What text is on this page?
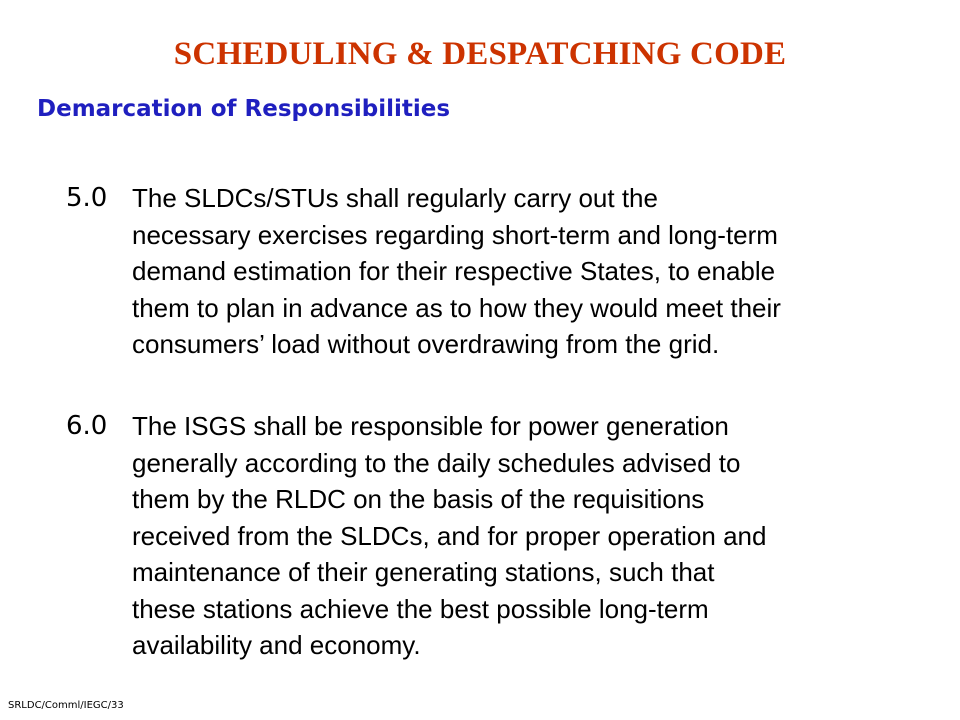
SCHEDULING & DESPATCHING CODE
Demarcation of Responsibilities
5.0 The SLDCs/STUs shall regularly carry out the
necessary exercises regarding short-term and long-term
demand estimation for their respective States, to enable
them to plan in advance as to how they would meet their
consumers’ load without overdrawing from the grid.
6.0 The ISGS shall be responsible for power generation
generally according to the daily schedules advised to
them by the RLDC on the basis of the requisitions
received from the SLDCs, and for proper operation and
maintenance of their generating stations, such that
these stations achieve the best possible long-term
availability and economy.
SRLDC/Comml/IEGC/33
